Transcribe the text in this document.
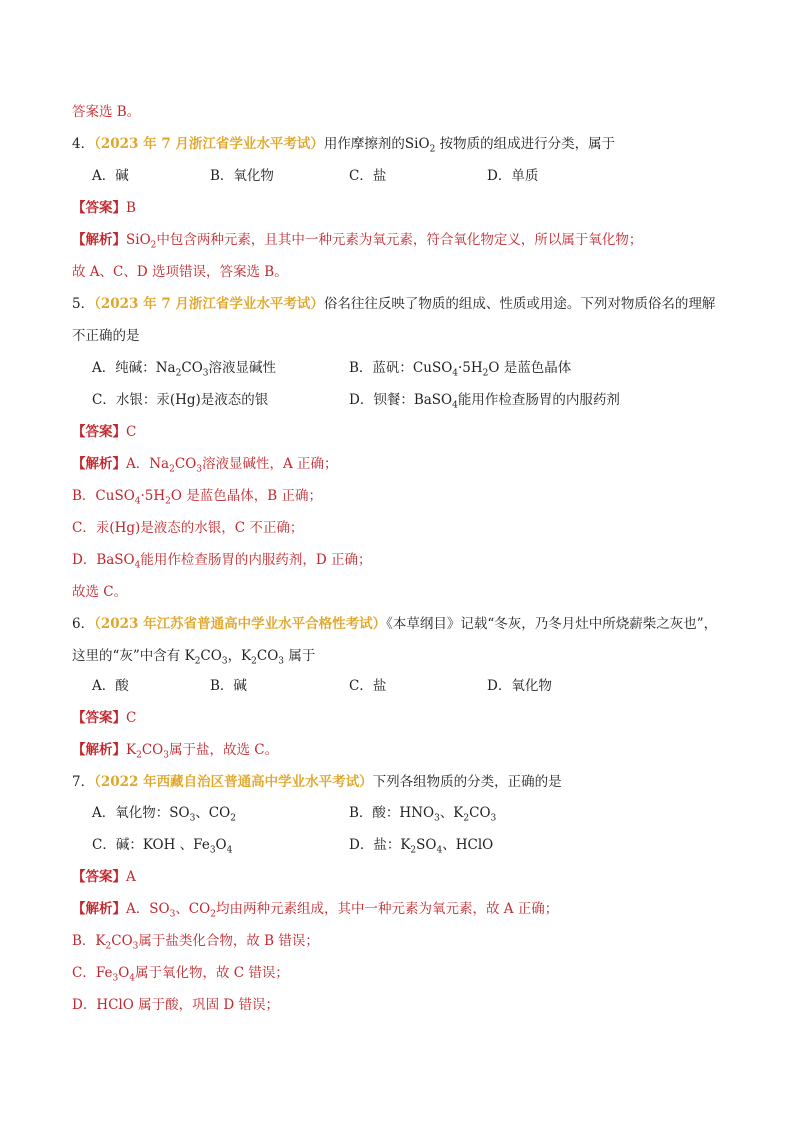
答案选 B。
4．（2023 年 7 月浙江省学业水平考试）用作摩擦剂的SiO$_2$ 按物质的组成进行分类，属于
A．碱	B．氧化物	C．盐	D．单质
【答案】B
【解析】SiO$_2$中包含两种元素，且其中一种元素为氧元素，符合氧化物定义，所以属于氧化物；
故 A、C、D 选项错误，答案选 B。
5．（2023 年 7 月浙江省学业水平考试）俗名往往反映了物质的组成、性质或用途。下列对物质俗名的理解
不正确的是
A．纯碱：$Na_2CO_3$溶液显碱性	B．蓝矾：$CuSO_4\cdot 5H_2O$ 是蓝色晶体
C．水银：汞(Hg)是液态的银	D．钡餐：BaSO$_4$能用作检查肠胃的内服药剂
【答案】C
【解析】A．$Na_2CO_3$溶液显碱性，A 正确；
B．$CuSO_4\cdot 5H_2O$ 是蓝色晶体，B 正确；
C．汞(Hg)是液态的水银，C 不正确；
D．BaSO$_4$能用作检查肠胃的内服药剂，D 正确；
故选 C。
6．（2023 年江苏省普通高中学业水平合格性考试）《本草纲目》记载“冬灰，乃冬月灶中所烧薪柴之灰也”，
这里的“灰”中含有 $K_2CO_3$，$K_2CO_3$ 属于
A．酸	B．碱	C．盐	D．氧化物
【答案】C
【解析】$K_2CO_3$属于盐，故选 C。
7．（2022 年西藏自治区普通高中学业水平考试）下列各组物质的分类，正确的是
A．氧化物：$SO_3$、$CO_2$	B．酸：$HNO_3$、$K_2CO_3$
C．碱：KOH 、$Fe_3O_4$	D．盐：$K_2SO_4$、HClO
【答案】A
【解析】A．$SO_3$、$CO_2$均由两种元素组成，其中一种元素为氧元素，故 A 正确；
B．$K_2CO_3$属于盐类化合物，故 B 错误；
C．$Fe_3O_4$属于氧化物，故 C 错误；
D．HClO 属于酸，巩固 D 错误；
